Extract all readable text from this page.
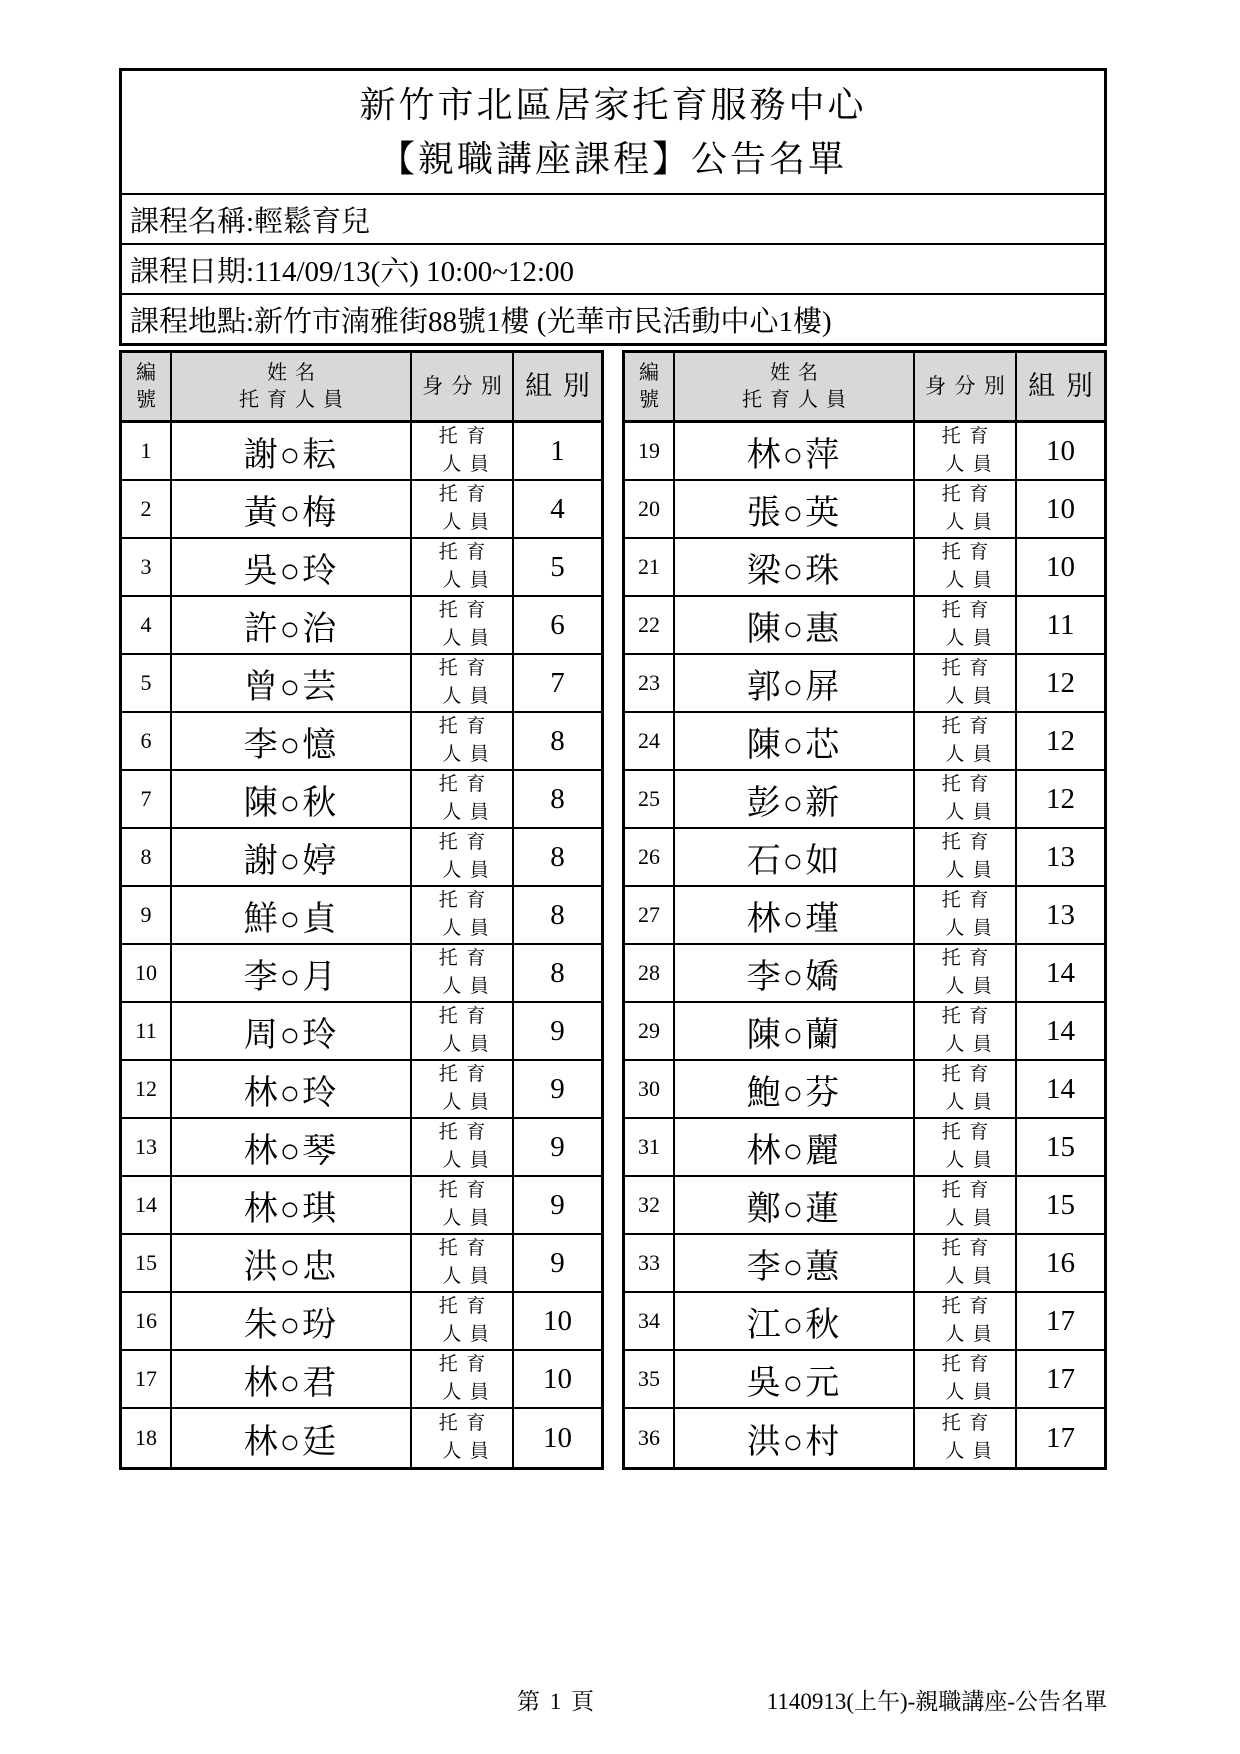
新竹市北區居家托育服務中心
【親職講座課程】公告名單
課程名稱:輕鬆育兒
課程日期:114/09/13(六) 10:00~12:00
課程地點:新竹市湳雅街88號1樓 (光華市民活動中心1樓)
編
號
姓名
托育人員
身分別 組別
1	謝○耘
托育
人員	1
2	黃○梅
托育
人員	4
3	吳○玲
托育
人員	5
4	許○治
托育
人員	6
5	曾○芸
托育
人員	7
6	李○憶
托育
人員	8
7	陳○秋
托育
人員	8
8	謝○婷
托育
人員	8
9	鮮○貞
托育
人員	8
10	李○月
托育
人員	8
11	周○玲
托育
人員	9
12	林○玲
托育
人員	9
13	林○琴
托育
人員	9
14	林○琪
托育
人員	9
15	洪○忠
托育
人員	9
16	朱○玢
托育
人員	10
17	林○君
托育
人員	10
18	林○廷
托育
人員	10
編
號
姓名
托育人員
身分別 組別
19	林○萍
托育
人員	10
20	張○英
托育
人員	10
21	梁○珠
托育
人員	10
22	陳○惠
托育
人員	11
23	郭○屏
托育
人員	12
24	陳○芯
托育
人員	12
25	彭○新
托育
人員	12
26	石○如
托育
人員	13
27	林○瑾
托育
人員	13
28	李○嬌
托育
人員	14
29	陳○蘭
托育
人員	14
30	鮑○芬
托育
人員	14
31	林○麗
托育
人員	15
32	鄭○蓮
托育
人員	15
33	李○蕙
托育
人員	16
34	江○秋
托育
人員	17
35	吳○元
托育
人員	17
36	洪○村
托育
人員	17
第 1 頁	1140913(上午)-親職講座-公告名單
